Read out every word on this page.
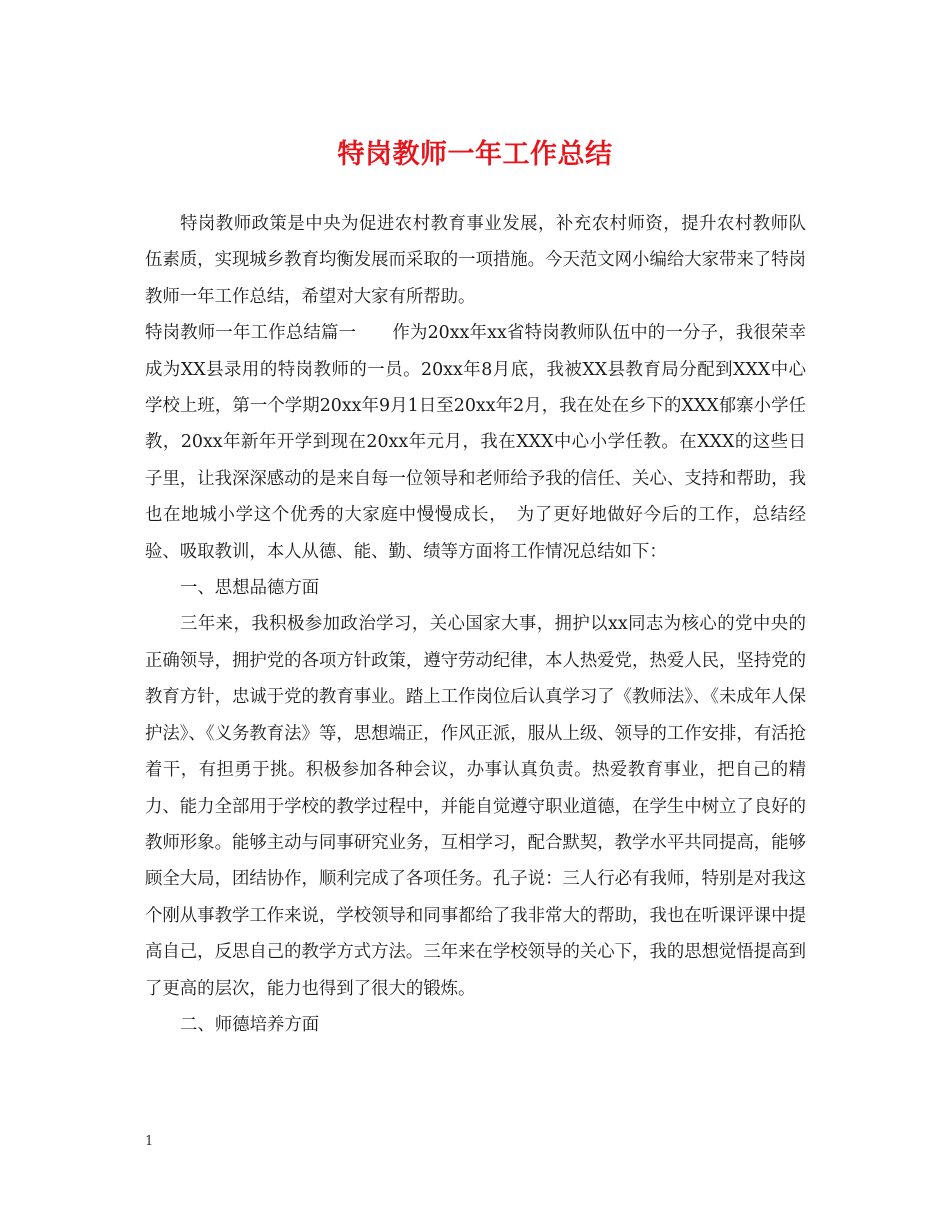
特岗教师一年工作总结

特岗教师政策是中央为促进农村教育事业发展，补充农村师资，提升农村教师队伍素质，实现城乡教育均衡发展而采取的一项措施。今天范文网小编给大家带来了特岗教师一年工作总结，希望对大家有所帮助。

特岗教师一年工作总结篇一 作为20xx年xx省特岗教师队伍中的一分子，我很荣幸成为XX县录用的特岗教师的一员。20xx年8月底，我被XX县教育局分配到XXX中心学校上班，第一个学期20xx年9月1日至20xx年2月，我在处在乡下的XXX郁寨小学任教，20xx年新年开学到现在20xx年元月，我在XXX中心小学任教。在XXX的这些日子里，让我深深感动的是来自每一位领导和老师给予我的信任、关心、支持和帮助，我也在地城小学这个优秀的大家庭中慢慢成长，　为了更好地做好今后的工作，总结经验、吸取教训，本人从德、能、勤、绩等方面将工作情况总结如下：

一、思想品德方面

三年来，我积极参加政治学习，关心国家大事，拥护以xx同志为核心的党中央的正确领导，拥护党的各项方针政策，遵守劳动纪律，本人热爱党，热爱人民，坚持党的教育方针，忠诚于党的教育事业。踏上工作岗位后认真学习了《教师法》、《未成年人保护法》、《义务教育法》等，思想端正，作风正派，服从上级、领导的工作安排，有活抢着干，有担勇于挑。积极参加各种会议，办事认真负责。热爱教育事业，把自己的精力、能力全部用于学校的教学过程中，并能自觉遵守职业道德，在学生中树立了良好的教师形象。能够主动与同事研究业务，互相学习，配合默契，教学水平共同提高，能够顾全大局，团结协作，顺利完成了各项任务。孔子说：三人行必有我师，特别是对我这个刚从事教学工作来说，学校领导和同事都给了我非常大的帮助，我也在听课评课中提高自己，反思自己的教学方式方法。三年来在学校领导的关心下，我的思想觉悟提高到了更高的层次，能力也得到了很大的锻炼。

二、师德培养方面

1
